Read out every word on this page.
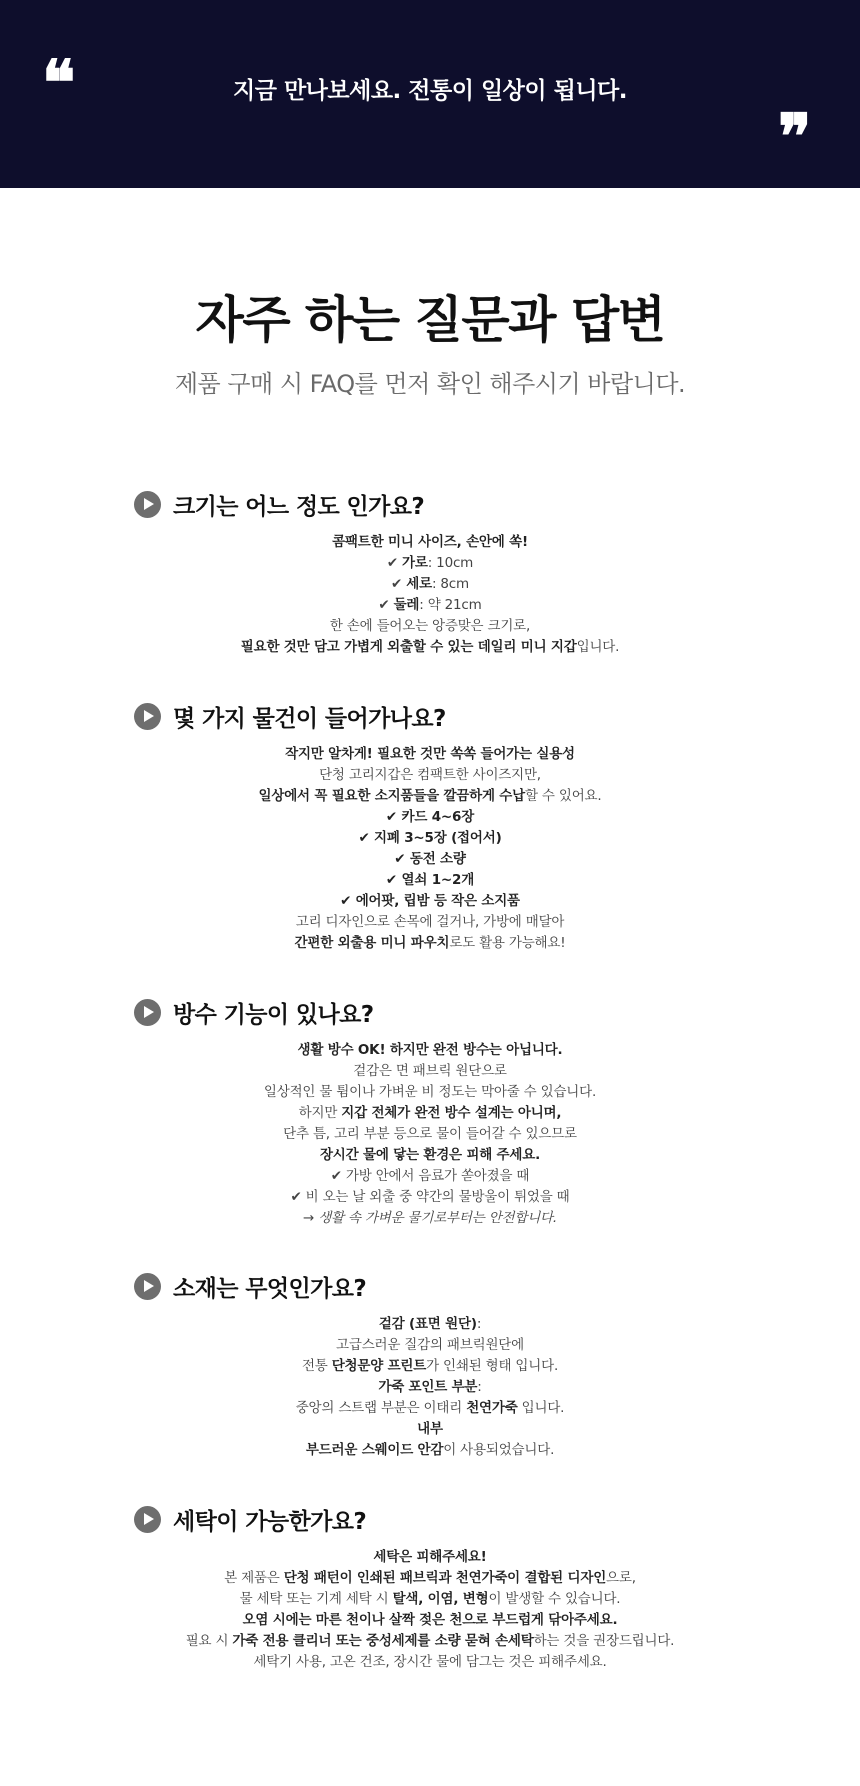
❝	지금 만나보세요. 전통이 일상이 됩니다.
❞
자주 하는 질문과 답변
제품 구매 시 FAQ를 먼저 확인 해주시기 바랍니다.
크기는 어느 정도 인가요?
콤팩트한 미니 사이즈, 손안에 쏙!
✔ 가로: 10cm
✔ 세로: 8cm
✔ 둘레: 약 21cm
한 손에 들어오는 앙증맞은 크기로,
필요한 것만 담고 가볍게 외출할 수 있는 데일리 미니 지갑입니다.
몇 가지 물건이 들어가나요?
작지만 알차게! 필요한 것만 쏙쏙 들어가는 실용성
단청 고리지갑은 컴팩트한 사이즈지만,
일상에서 꼭 필요한 소지품들을 깔끔하게 수납할 수 있어요.
✔ 카드 4~6장
✔ 지폐 3~5장 (접어서)
✔ 동전 소량
✔ 열쇠 1~2개
✔ 에어팟, 립밤 등 작은 소지품
고리 디자인으로 손목에 걸거나, 가방에 매달아
간편한 외출용 미니 파우치로도 활용 가능해요!
방수 기능이 있나요?
생활 방수 OK! 하지만 완전 방수는 아닙니다.
겉감은 면 패브릭 원단으로
일상적인 물 튐이나 가벼운 비 정도는 막아줄 수 있습니다.
하지만 지갑 전체가 완전 방수 설계는 아니며,
단추 틈, 고리 부분 등으로 물이 들어갈 수 있으므로
장시간 물에 닿는 환경은 피해 주세요.
✔ 가방 안에서 음료가 쏟아졌을 때
✔ 비 오는 날 외출 중 약간의 물방울이 튀었을 때
→ 생활 속 가벼운 물기로부터는 안전합니다.
소재는 무엇인가요?
겉감 (표면 원단):
고급스러운 질감의 패브릭원단에
전통 단청문양 프린트가 인쇄된 형태 입니다.
가죽 포인트 부분:
중앙의 스트랩 부분은 이태리 천연가죽 입니다.
내부
부드러운 스웨이드 안감이 사용되었습니다.
세탁이 가능한가요?
세탁은 피해주세요!
본 제품은 단청 패턴이 인쇄된 패브릭과 천연가죽이 결합된 디자인으로,
물 세탁 또는 기계 세탁 시 탈색, 이염, 변형이 발생할 수 있습니다.
오염 시에는 마른 천이나 살짝 젖은 천으로 부드럽게 닦아주세요.
필요 시 가죽 전용 클리너 또는 중성세제를 소량 묻혀 손세탁하는 것을 권장드립니다.
세탁기 사용, 고온 건조, 장시간 물에 담그는 것은 피해주세요.
